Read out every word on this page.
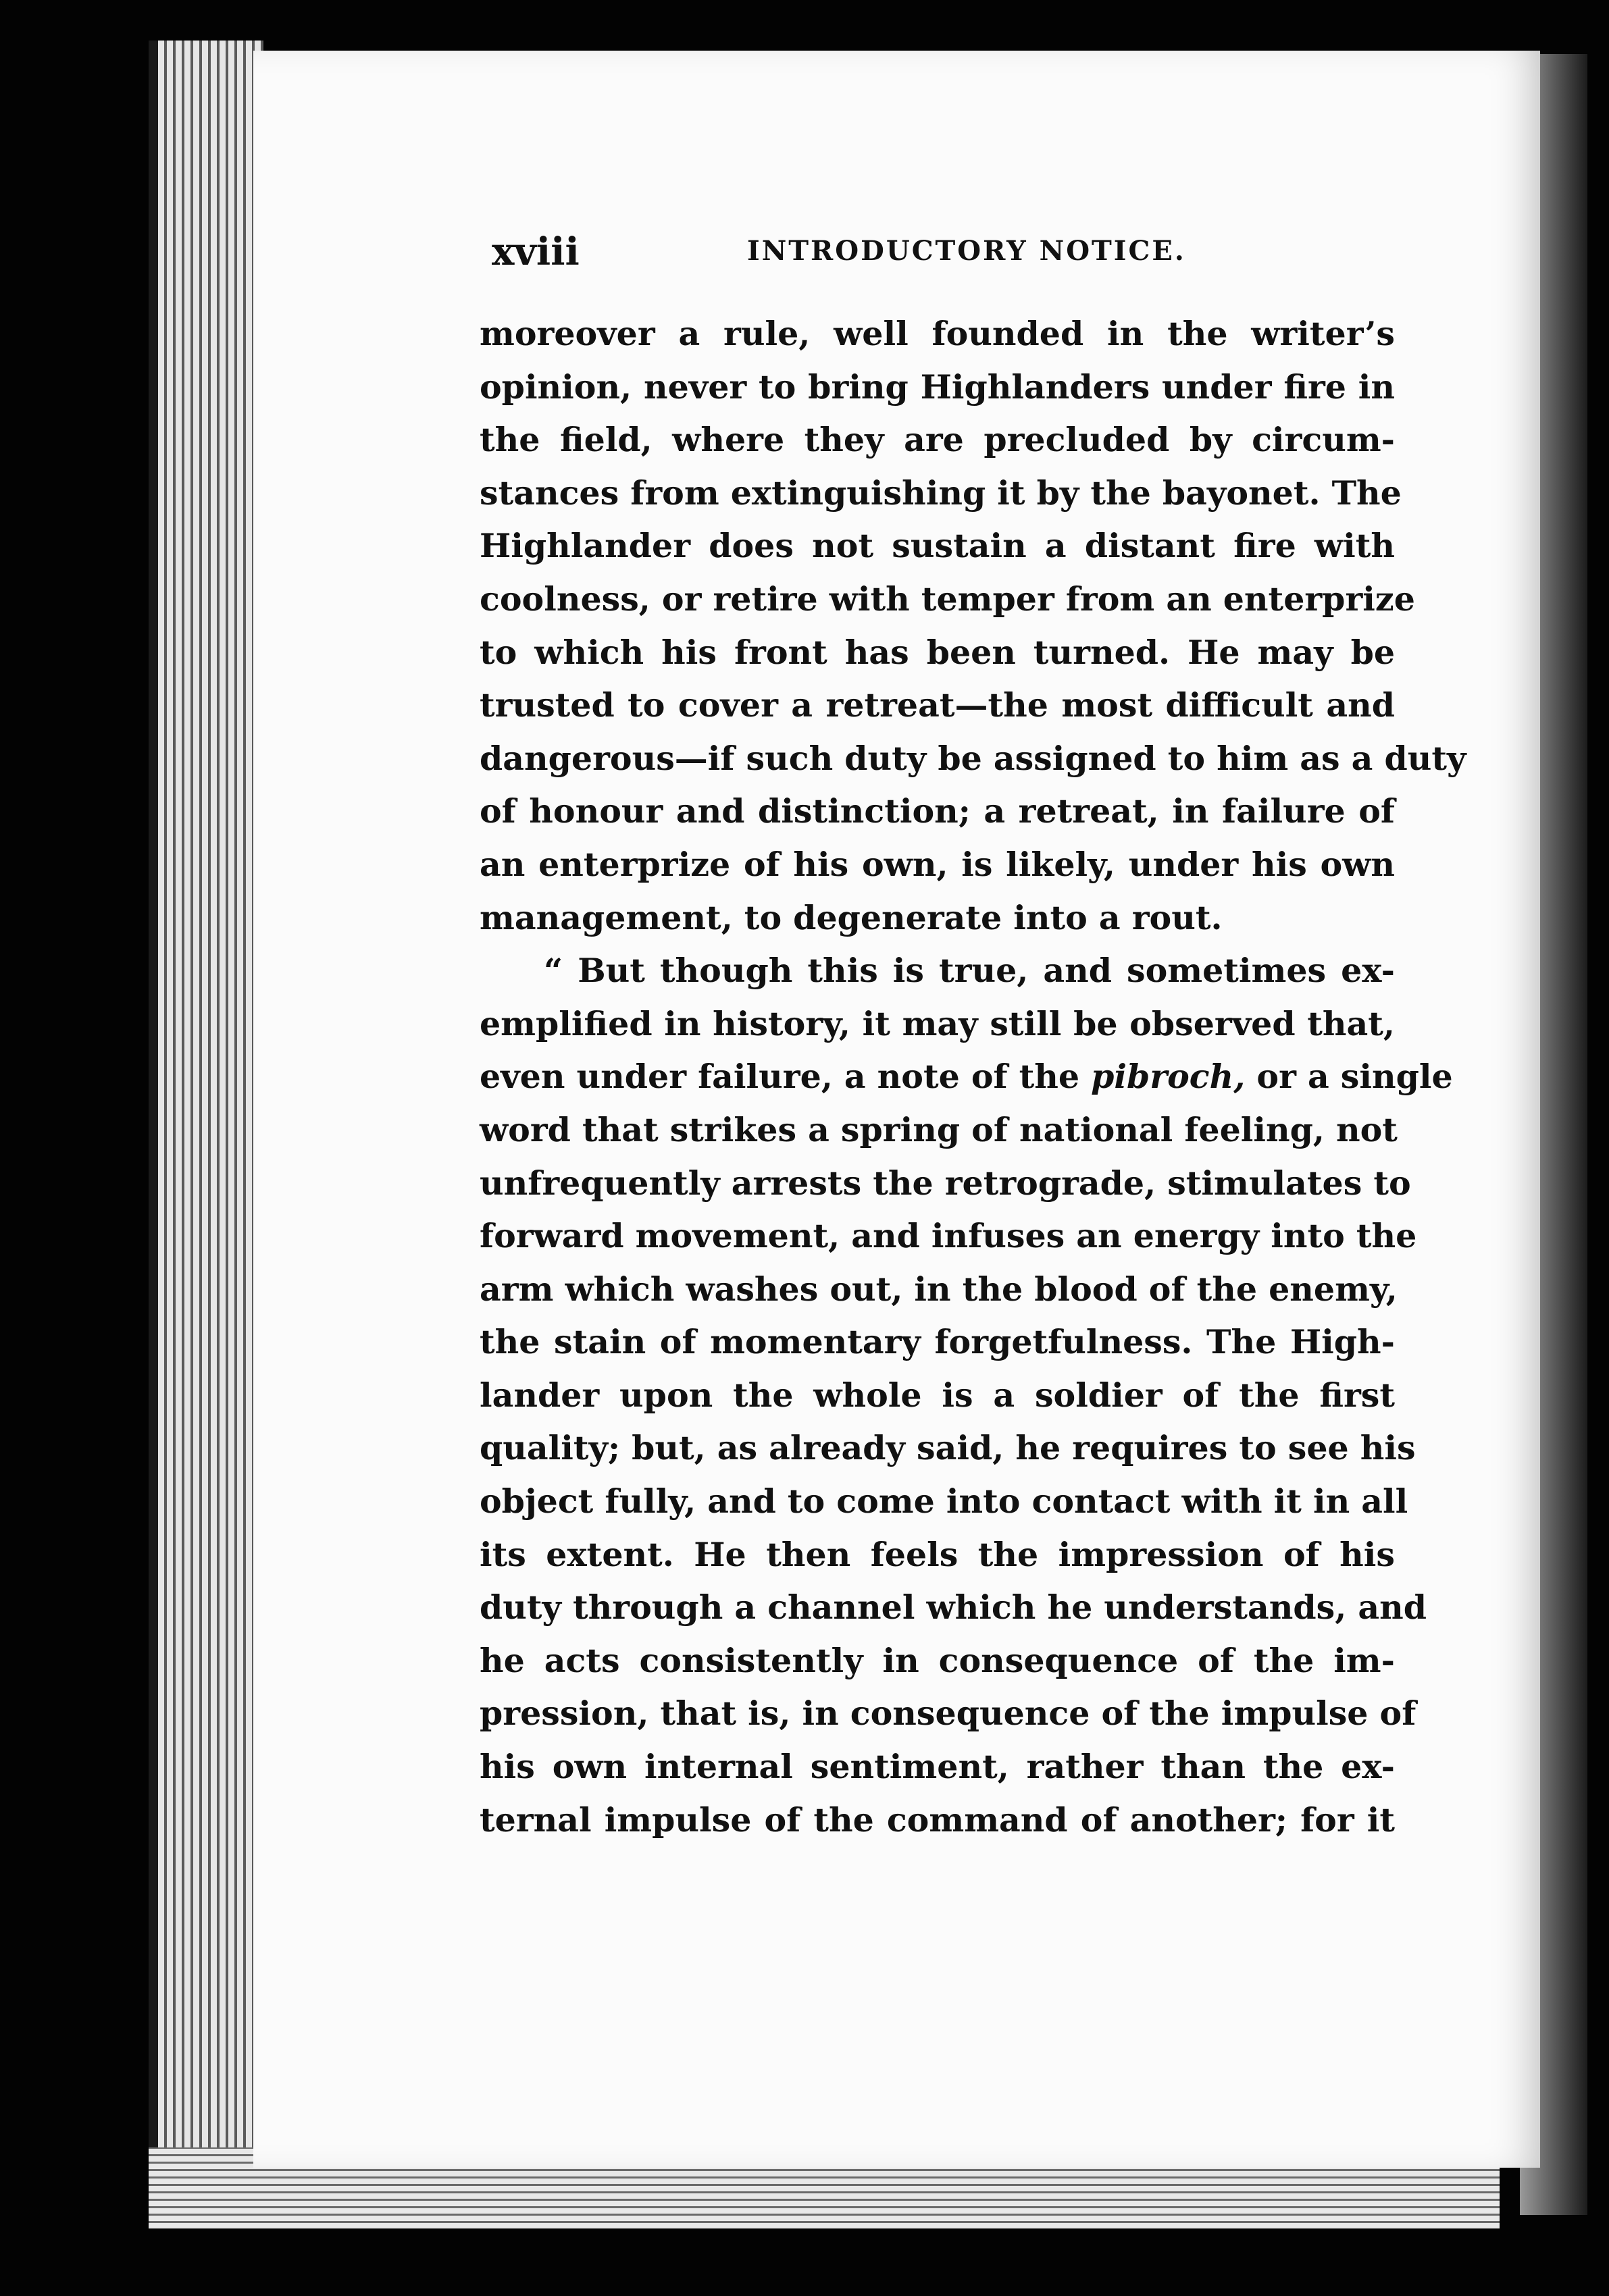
xviii	INTRODUCTORY NOTICE.
moreover a rule, well founded in the writer’s
opinion, never to bring Highlanders under fire in
the field, where they are precluded by circum-
stances from extinguishing it by the bayonet. The
Highlander does not sustain a distant fire with
coolness, or retire with temper from an enterprize
to which his front has been turned. He may be
trusted to cover a retreat—the most difficult and
dangerous—if such duty be assigned to him as a duty
of honour and distinction; a retreat, in failure of
an enterprize of his own, is likely, under his own
management, to degenerate into a rout.
“ But though this is true, and sometimes ex-
emplified in history, it may still be observed that,
even under failure, a note of the pibroch, or a single
word that strikes a spring of national feeling, not
unfrequently arrests the retrograde, stimulates to
forward movement, and infuses an energy into the
arm which washes out, in the blood of the enemy,
the stain of momentary forgetfulness. The High-
lander upon the whole is a soldier of the first
quality; but, as already said, he requires to see his
object fully, and to come into contact with it in all
its extent. He then feels the impression of his
duty through a channel which he understands, and
he acts consistently in consequence of the im-
pression, that is, in consequence of the impulse of
his own internal sentiment, rather than the ex-
ternal impulse of the command of another; for it
